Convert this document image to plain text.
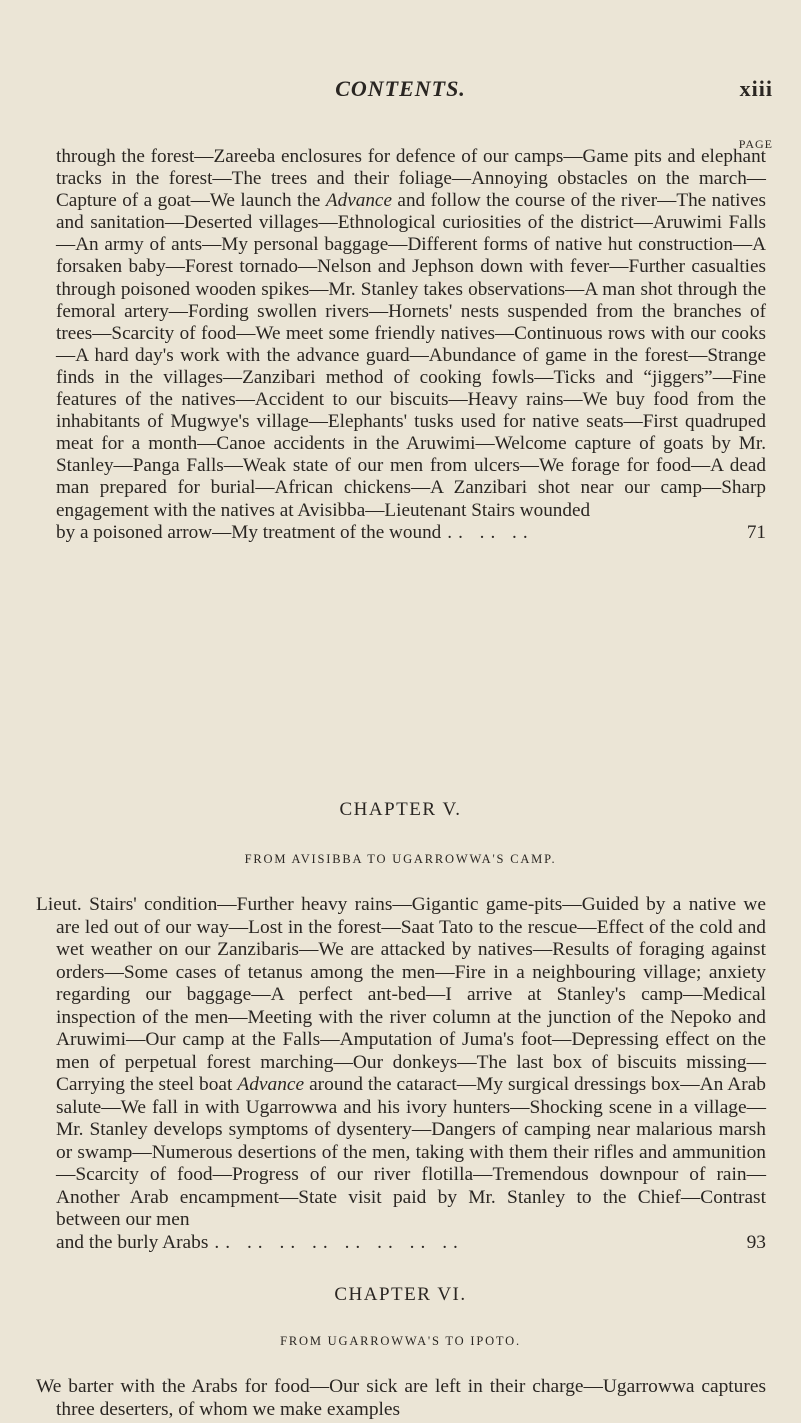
CONTENTS.	xiii
PAGE
through the forest—Zareeba enclosures for defence of our camps—Game pits and elephant tracks in the forest—The trees and their foliage—Annoying obstacles on the march—Capture of a goat—We launch the Advance and follow the course of the river—The natives and sanitation—Deserted villages—Ethnological curiosities of the district—Aruwimi Falls—An army of ants—My personal baggage—Different forms of native hut construction—A forsaken baby—Forest tornado—Nelson and Jephson down with fever—Further casualties through poisoned wooden spikes—Mr. Stanley takes observations—A man shot through the femoral artery—Fording swollen rivers—Hornets' nests suspended from the branches of trees—Scarcity of food—We meet some friendly natives—Continuous rows with our cooks—A hard day's work with the advance guard—Abundance of game in the forest—Strange finds in the villages—Zanzibari method of cooking fowls—Ticks and “jiggers”—Fine features of the natives—Accident to our biscuits—Heavy rains—We buy food from the inhabitants of Mugwye's village—Elephants' tusks used for native seats—First quadruped meat for a month—Canoe accidents in the Aruwimi—Welcome capture of goats by Mr. Stanley—Panga Falls—Weak state of our men from ulcers—We forage for food—A dead man prepared for burial—African chickens—A Zanzibari shot near our camp—Sharp engagement with the natives at Avisibba—Lieutenant Stairs wounded
by a poisoned arrow—My treatment of the wound .. .. ..	71
CHAPTER V.
FROM AVISIBBA TO UGARROWWA'S CAMP.
Lieut. Stairs' condition—Further heavy rains—Gigantic game-pits—Guided by a native we are led out of our way—Lost in the forest—Saat Tato to the rescue—Effect of the cold and wet weather on our Zanzibaris—We are attacked by natives—Results of foraging against orders—Some cases of tetanus among the men—Fire in a neighbouring village; anxiety regarding our baggage—A perfect ant-bed—I arrive at Stanley's camp—Medical inspection of the men—Meeting with the river column at the junction of the Nepoko and Aruwimi—Our camp at the Falls—Amputation of Juma's foot—Depressing effect on the men of perpetual forest marching—Our donkeys—The last box of biscuits missing—Carrying the steel boat Advance around the cataract—My surgical dressings box—An Arab salute—We fall in with Ugarrowwa and his ivory hunters—Shocking scene in a village—Mr. Stanley develops symptoms of dysentery—Dangers of camping near malarious marsh or swamp—Numerous desertions of the men, taking with them their rifles and ammunition—Scarcity of food—Progress of our river flotilla—Tremendous downpour of rain—Another Arab encampment—State visit paid by Mr. Stanley to the Chief—Contrast between our men
and the burly Arabs .. .. .. .. .. .. .. ..	93
CHAPTER VI.
FROM UGARROWWA'S TO IPOTO.
We barter with the Arabs for food—Our sick are left in their charge—Ugarrowwa captures three deserters, of whom we make examples
